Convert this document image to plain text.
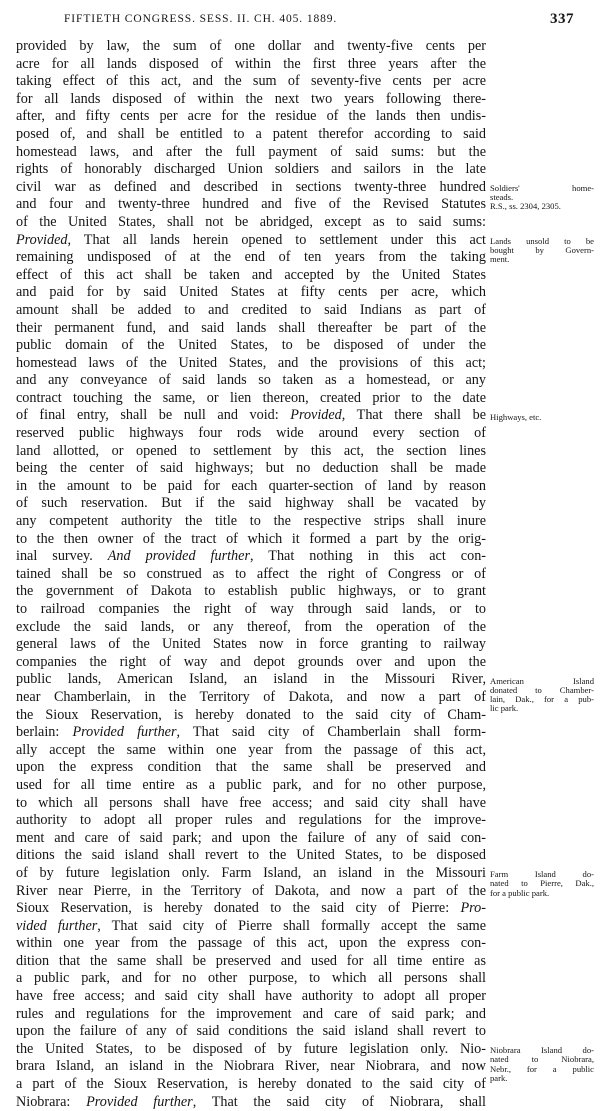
FIFTIETH CONGRESS. SESS. II. CH. 405. 1889.	337
provided by law, the sum of one dollar and twenty-five cents per
acre for all lands disposed of within the first three years after the
taking effect of this act, and the sum of seventy-five cents per acre
for all lands disposed of within the next two years following there-
after, and fifty cents per acre for the residue of the lands then undis-
posed of, and shall be entitled to a patent therefor according to said
homestead laws, and after the full payment of said sums: but the
rights of honorably discharged Union soldiers and sailors in the late
civil war as defined and described in sections twenty-three hundred
and four and twenty-three hundred and five of the Revised Statutes
of the United States, shall not be abridged, except as to said sums:
Provided, That all lands herein opened to settlement under this act
remaining undisposed of at the end of ten years from the taking
effect of this act shall be taken and accepted by the United States
and paid for by said United States at fifty cents per acre, which
amount shall be added to and credited to said Indians as part of
their permanent fund, and said lands shall thereafter be part of the
public domain of the United States, to be disposed of under the
homestead laws of the United States, and the provisions of this act;
and any conveyance of said lands so taken as a homestead, or any
contract touching the same, or lien thereon, created prior to the date
of final entry, shall be null and void: Provided, That there shall be
reserved public highways four rods wide around every section of
land allotted, or opened to settlement by this act, the section lines
being the center of said highways; but no deduction shall be made
in the amount to be paid for each quarter-section of land by reason
of such reservation. But if the said highway shall be vacated by
any competent authority the title to the respective strips shall inure
to the then owner of the tract of which it formed a part by the orig-
inal survey. And provided further, That nothing in this act con-
tained shall be so construed as to affect the right of Congress or of
the government of Dakota to establish public highways, or to grant
to railroad companies the right of way through said lands, or to
exclude the said lands, or any thereof, from the operation of the
general laws of the United States now in force granting to railway
companies the right of way and depot grounds over and upon the
public lands, American Island, an island in the Missouri River,
near Chamberlain, in the Territory of Dakota, and now a part of
the Sioux Reservation, is hereby donated to the said city of Cham-
berlain: Provided further, That said city of Chamberlain shall form-
ally accept the same within one year from the passage of this act,
upon the express condition that the same shall be preserved and
used for all time entire as a public park, and for no other purpose,
to which all persons shall have free access; and said city shall have
authority to adopt all proper rules and regulations for the improve-
ment and care of said park; and upon the failure of any of said con-
ditions the said island shall revert to the United States, to be disposed
of by future legislation only. Farm Island, an island in the Missouri
River near Pierre, in the Territory of Dakota, and now a part of the
Sioux Reservation, is hereby donated to the said city of Pierre: Pro-
vided further, That said city of Pierre shall formally accept the same
within one year from the passage of this act, upon the express con-
dition that the same shall be preserved and used for all time entire as
a public park, and for no other purpose, to which all persons shall
have free access; and said city shall have authority to adopt all proper
rules and regulations for the improvement and care of said park; and
upon the failure of any of said conditions the said island shall revert to
the United States, to be disposed of by future legislation only. Nio-
brara Island, an island in the Niobrara River, near Niobrara, and now
a part of the Sioux Reservation, is hereby donated to the said city of
Niobrara: Provided further, That the said city of Niobrara, shall
Soldiers' home-
steads.
R.S., ss. 2304, 2305.
Lands unsold to be
bought by Govern-
ment.
Highways, etc.
American Island
donated to Chamber-
lain, Dak., for a pub-
lic park.
Farm Island do-
nated to Pierre, Dak.,
for a public park.
Niobrara Island do-
nated to Niobrara,
Nebr., for a public
park.
